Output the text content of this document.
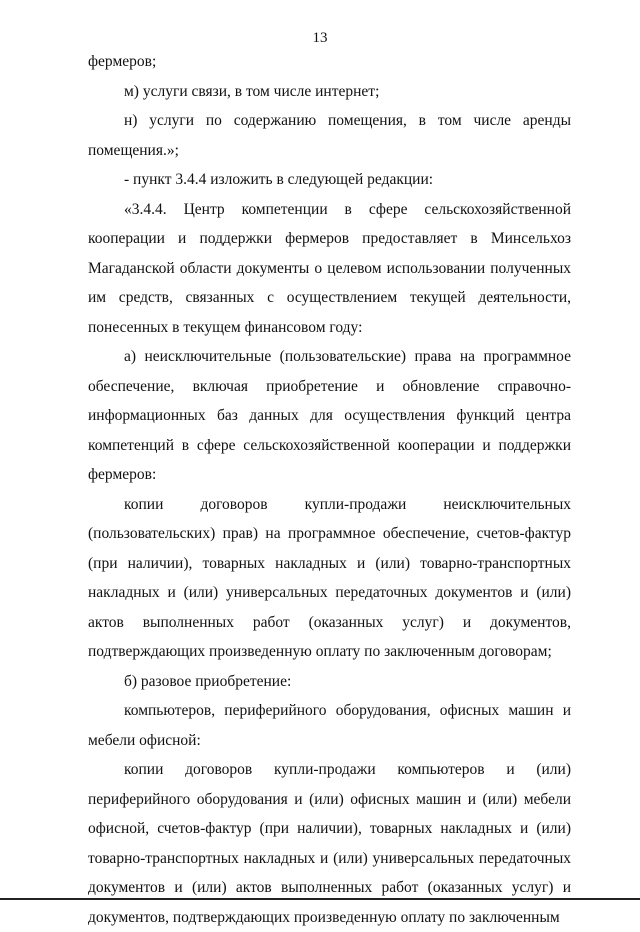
13

фермеров;

м) услуги связи, в том числе интернет;

н) услуги по содержанию помещения, в том числе аренды помещения.»;

- пункт 3.4.4 изложить в следующей редакции:

«3.4.4. Центр компетенции в сфере сельскохозяйственной кооперации и поддержки фермеров предоставляет в Минсельхоз Магаданской области документы о целевом использовании полученных им средств, связанных с осуществлением текущей деятельности, понесенных в текущем финансовом году:

а) неисключительные (пользовательские) права на программное обеспечение, включая приобретение и обновление справочно-информационных баз данных для осуществления функций центра компетенций в сфере сельскохозяйственной кооперации и поддержки фермеров:

копии договоров купли-продажи неисключительных (пользовательских) прав) на программное обеспечение, счетов-фактур (при наличии), товарных накладных и (или) товарно-транспортных накладных и (или) универсальных передаточных документов и (или) актов выполненных работ (оказанных услуг) и документов, подтверждающих произведенную оплату по заключенным договорам;

б) разовое приобретение:

компьютеров, периферийного оборудования, офисных машин и мебели офисной:

копии договоров купли-продажи компьютеров и (или) периферийного оборудования и (или) офисных машин и (или) мебели офисной, счетов-фактур (при наличии), товарных накладных и (или) товарно-транспортных накладных и (или) универсальных передаточных документов и (или) актов выполненных работ (оказанных услуг) и документов, подтверждающих произведенную оплату по заключенным
